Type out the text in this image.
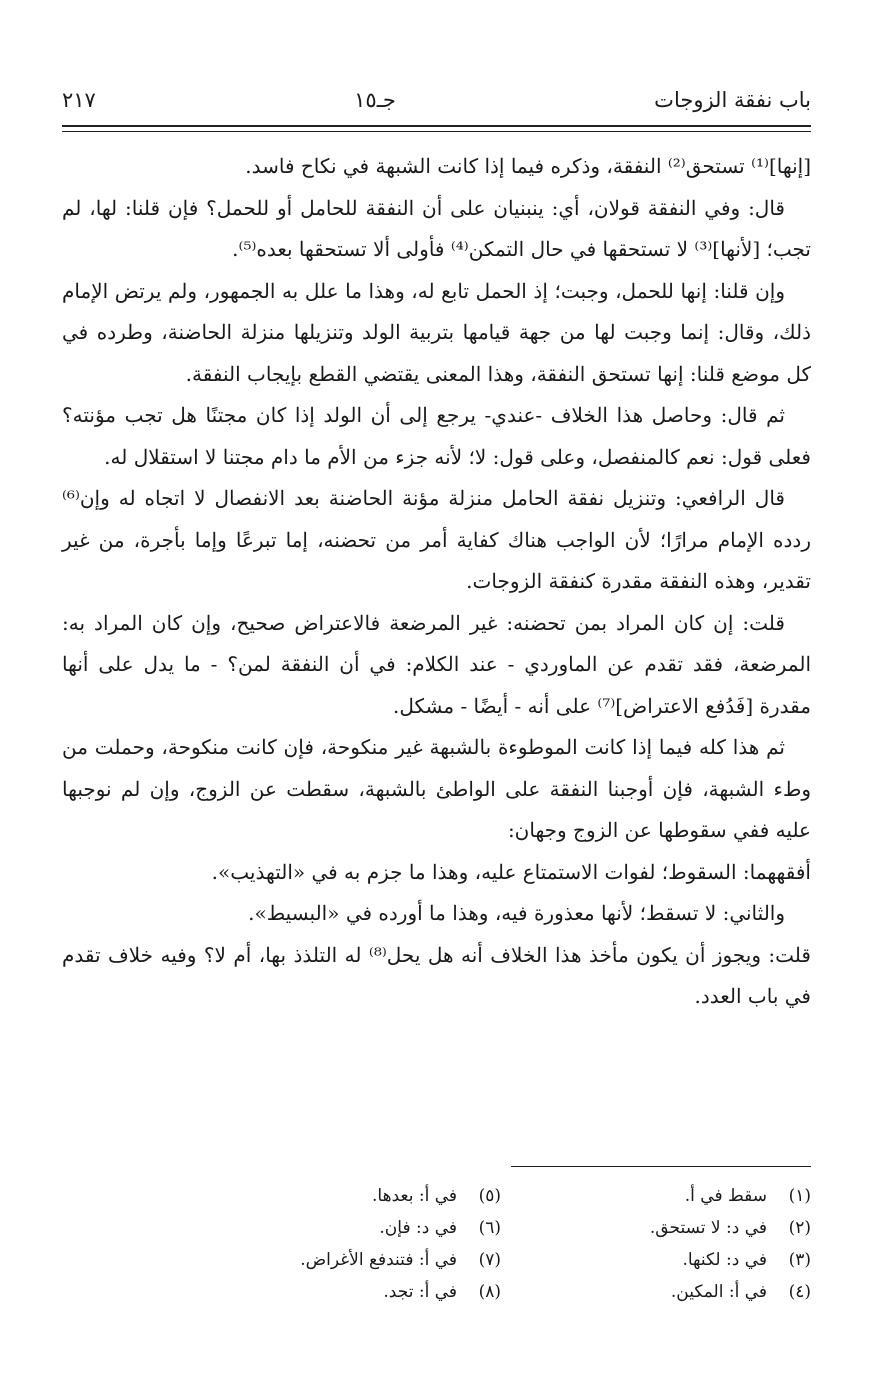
باب نفقة الزوجات
جـ١٥
٢١٧

[إنها]⁽¹⁾ تستحق⁽²⁾ النفقة، وذكره فيما إذا كانت الشبهة في نكاح فاسد.

قال: وفي النفقة قولان، أي: ينبنيان على أن النفقة للحامل أو للحمل؟ فإن قلنا: لها، لم تجب؛ [لأنها]⁽³⁾ لا تستحقها في حال التمكن⁽⁴⁾ فأولى ألا تستحقها بعده⁽⁵⁾.

وإن قلنا: إنها للحمل، وجبت؛ إذ الحمل تابع له، وهذا ما علل به الجمهور، ولم يرتض الإمام ذلك، وقال: إنما وجبت لها من جهة قيامها بتربية الولد وتنزيلها منزلة الحاضنة، وطرده في كل موضع قلنا: إنها تستحق النفقة، وهذا المعنى يقتضي القطع بإيجاب النفقة.

ثم قال: وحاصل هذا الخلاف -عندي- يرجع إلى أن الولد إذا كان مجتنًا هل تجب مؤنته؟ فعلى قول: نعم كالمنفصل، وعلى قول: لا؛ لأنه جزء من الأم ما دام مجتنا لا استقلال له.

قال الرافعي: وتنزيل نفقة الحامل منزلة مؤنة الحاضنة بعد الانفصال لا اتجاه له وإن⁽⁶⁾ ردده الإمام مرارًا؛ لأن الواجب هناك كفاية أمر من تحضنه، إما تبرعًا وإما بأجرة، من غير تقدير، وهذه النفقة مقدرة كنفقة الزوجات.

قلت: إن كان المراد بمن تحضنه: غير المرضعة فالاعتراض صحيح، وإن كان المراد به: المرضعة، فقد تقدم عن الماوردي - عند الكلام: في أن النفقة لمن؟ - ما يدل على أنها مقدرة [فَدُفع الاعتراض]⁽⁷⁾ على أنه - أيضًا - مشكل.

ثم هذا كله فيما إذا كانت الموطوءة بالشبهة غير منكوحة، فإن كانت منكوحة، وحملت من وطء الشبهة، فإن أوجبنا النفقة على الواطئ بالشبهة، سقطت عن الزوج، وإن لم نوجبها عليه ففي سقوطها عن الزوج وجهان:

أفقههما: السقوط؛ لفوات الاستمتاع عليه، وهذا ما جزم به في «التهذيب».

والثاني: لا تسقط؛ لأنها معذورة فيه، وهذا ما أورده في «البسيط».

قلت: ويجوز أن يكون مأخذ هذا الخلاف أنه هل يحل⁽⁸⁾ له التلذذ بها، أم لا؟ وفيه خلاف تقدم في باب العدد.

(١)سقط في أ.
(٢)في د: لا تستحق.
(٣)في د: لكنها.
(٤)في أ: المكين.
(٥)في أ: بعدها.
(٦)في د: فإن.
(٧)في أ: فتندفع الأغراض.
(٨)في أ: تجد.
